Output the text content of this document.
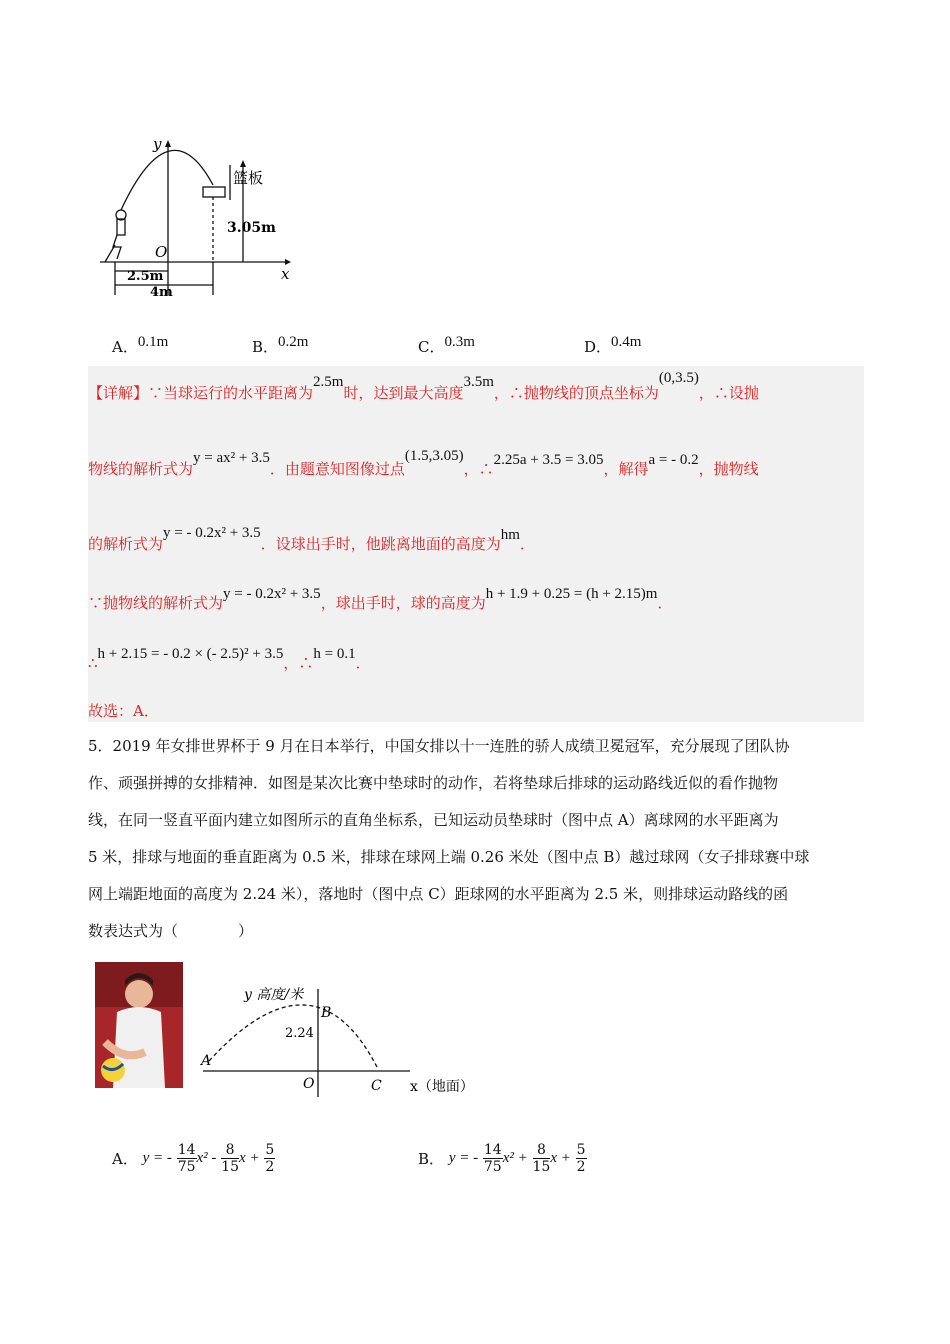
y
x
O
篮板
3.05m
2.5m
4m
A．0.1m	B．0.2m	C．0.3m	D．0.4m
【详解】∵当球运行的水平距离为2.5m时，达到最大高度3.5m，∴抛物线的顶点坐标为(0,3.5)，∴设抛
物线的解析式为y = ax² + 3.5．由题意知图像过点(1.5,3.05)，∴2.25a + 3.5 = 3.05，解得a = - 0.2，抛物线
的解析式为y = - 0.2x² + 3.5．设球出手时，他跳离地面的高度为hm．
∵抛物线的解析式为y = - 0.2x² + 3.5，球出手时，球的高度为h + 1.9 + 0.25 = (h + 2.15)m．
∴h + 2.15 = - 0.2 × (- 2.5)² + 3.5，∴h = 0.1．
故选：A．
5．2019 年女排世界杯于 9 月在日本举行，中国女排以十一连胜的骄人成绩卫冕冠军，充分展现了团队协
作、顽强拼搏的女排精神．如图是某次比赛中垫球时的动作，若将垫球后排球的运动路线近似的看作抛物
线，在同一竖直平面内建立如图所示的直角坐标系，已知运动员垫球时（图中点 A）离球网的水平距离为
5 米，排球与地面的垂直距离为 0.5 米，排球在球网上端 0.26 米处（图中点 B）越过球网（女子排球赛中球
网上端距地面的高度为 2.24 米），落地时（图中点 C）距球网的水平距离为 2.5 米，则排球运动路线的函
数表达式为（　　　　）
y 高度/米
x（地面）
A
B
C
O
2.24
A． y = - $\frac{14}{75} x^2 - \frac{8}{15}$ $x + \frac{5}{2}$	B． y = - $\frac{14}{75} x^2 + \frac{8}{15}$ $x + \frac{5}{2}$
